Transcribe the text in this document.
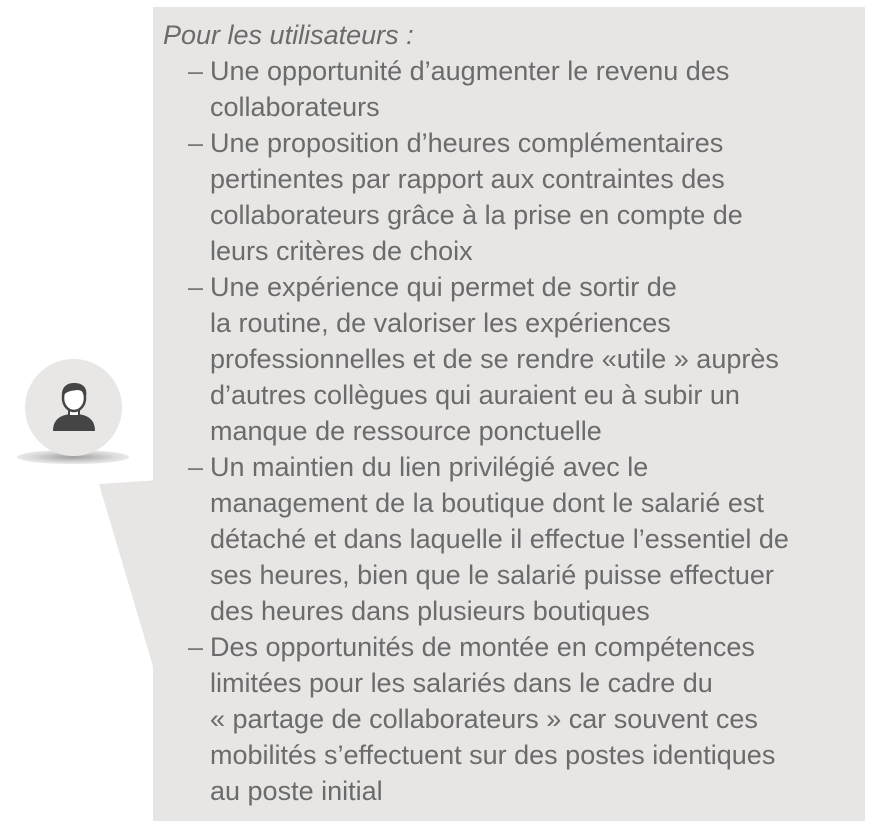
Pour les utilisateurs :

– Une opportunité d’augmenter le revenu des
collaborateurs
– Une proposition d’heures complémentaires
pertinentes par rapport aux contraintes des
collaborateurs grâce à la prise en compte de
leurs critères de choix
– Une expérience qui permet de sortir de
la routine, de valoriser les expériences
professionnelles et de se rendre «utile » auprès
d’autres collègues qui auraient eu à subir un
manque de ressource ponctuelle
– Un maintien du lien privilégié avec le
management de la boutique dont le salarié est
détaché et dans laquelle il effectue l’essentiel de
ses heures, bien que le salarié puisse effectuer
des heures dans plusieurs boutiques
– Des opportunités de montée en compétences
limitées pour les salariés dans le cadre du
« partage de collaborateurs » car souvent ces
mobilités s’effectuent sur des postes identiques
au poste initial
